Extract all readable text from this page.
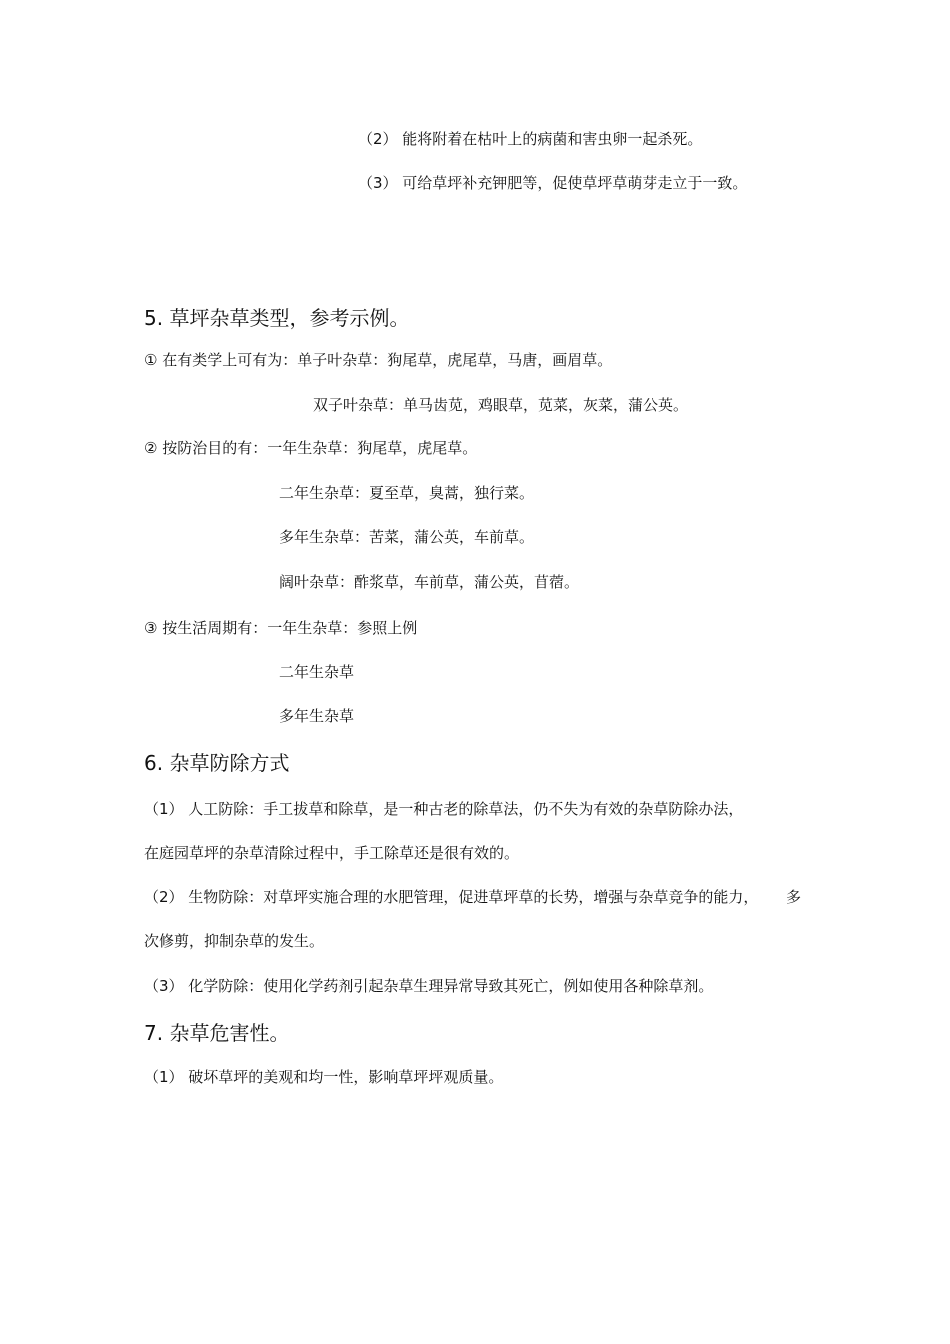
（2） 能将附着在枯叶上的病菌和害虫卵一起杀死。
（3） 可给草坪补充钾肥等，促使草坪草萌芽走立于一致。
5. 草坪杂草类型，参考示例。
① 在有类学上可有为：单子叶杂草：狗尾草，虎尾草，马唐，画眉草。
双子叶杂草：单马齿苋，鸡眼草，苋菜，灰菜，蒲公英。
② 按防治目的有：一年生杂草：狗尾草，虎尾草。
二年生杂草：夏至草，臭蒿，独行菜。
多年生杂草：苦菜，蒲公英，车前草。
阔叶杂草：酢浆草，车前草，蒲公英，苜蓿。
③ 按生活周期有：一年生杂草：参照上例
二年生杂草
多年生杂草
6. 杂草防除方式
（1） 人工防除：手工拔草和除草，是一种古老的除草法，仍不失为有效的杂草防除办法，
在庭园草坪的杂草清除过程中，手工除草还是很有效的。
（2） 生物防除：对草坪实施合理的水肥管理，促进草坪草的长势，增强与杂草竞争的能力， 多
次修剪，抑制杂草的发生。
（3） 化学防除：使用化学药剂引起杂草生理异常导致其死亡，例如使用各种除草剂。
7. 杂草危害性。
（1） 破坏草坪的美观和均一性，影响草坪坪观质量。
